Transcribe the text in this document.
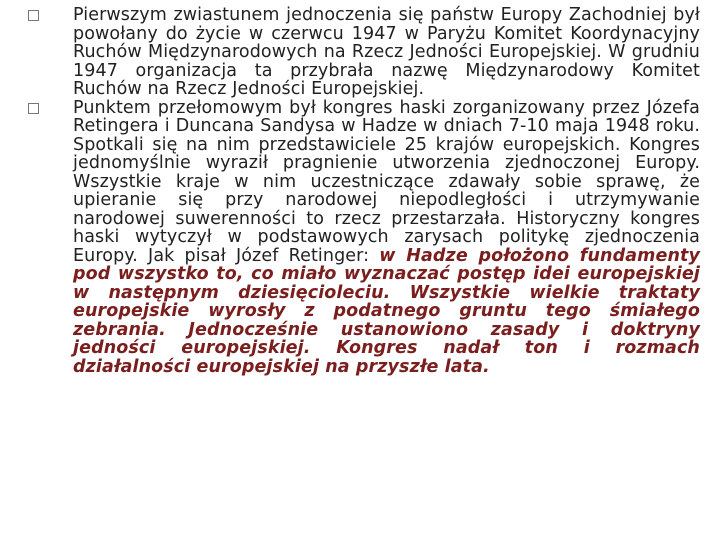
Pierwszym zwiastunem jednoczenia się państw Europy Zachodniej był powołany do życie w czerwcu 1947 w Paryżu Komitet Koordynacyjny Ruchów Międzynarodowych na Rzecz Jedności Europejskiej. W grudniu 1947 organizacja ta przybrała nazwę Międzynarodowy Komitet Ruchów na Rzecz Jedności Europejskiej.
Punktem przełomowym był kongres haski zorganizowany przez Józefa Retingera i Duncana Sandysa w Hadze w dniach 7-10 maja 1948 roku. Spotkali się na nim przedstawiciele 25 krajów europejskich. Kongres jednomyślnie wyraził pragnienie utworzenia zjednoczonej Europy. Wszystkie kraje w nim uczestniczące zdawały sobie sprawę, że upieranie się przy narodowej niepodległości i utrzymywanie narodowej suwerenności to rzecz przestarzała. Historyczny kongres haski wytyczył w podstawowych zarysach politykę zjednoczenia Europy. Jak pisał Józef Retinger: w Hadze położono fundamenty pod wszystko to, co miało wyznaczać postęp idei europejskiej w następnym dziesięcioleciu. Wszystkie wielkie traktaty europejskie wyrosły z podatnego gruntu tego śmiałego zebrania. Jednocześnie ustanowiono zasady i doktryny jedności europejskiej. Kongres nadał ton i rozmach działalności europejskiej na przyszłe lata.
